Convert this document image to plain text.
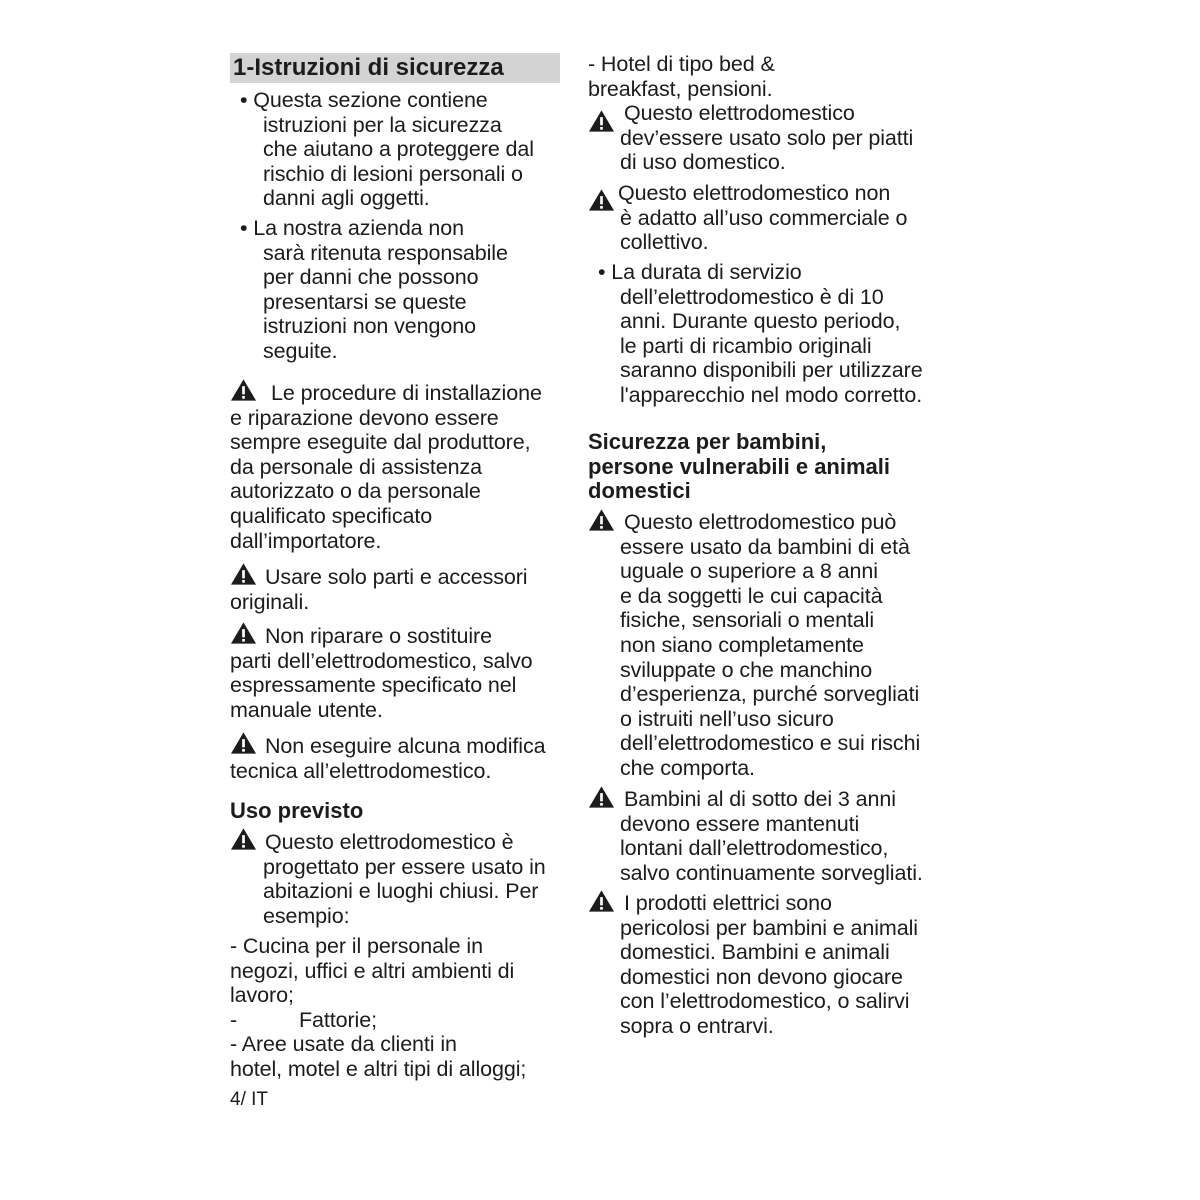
1-Istruzioni di sicurezza
• Questa sezione contiene
istruzioni per la sicurezza
che aiutano a proteggere dal
rischio di lesioni personali o
danni agli oggetti.
• La nostra azienda non
sarà ritenuta responsabile
per danni che possono
presentarsi se queste
istruzioni non vengono
seguite.
Le procedure di installazione
e riparazione devono essere
sempre eseguite dal produttore,
da personale di assistenza
autorizzato o da personale
qualificato specificato
dall’importatore.
Usare solo parti e accessori
originali.
Non riparare o sostituire
parti dell’elettrodomestico, salvo
espressamente specificato nel
manuale utente.
Non eseguire alcuna modifica
tecnica all’elettrodomestico.
Uso previsto
Questo elettrodomestico è
progettato per essere usato in
abitazioni e luoghi chiusi. Per
esempio:
- Cucina per il personale in
negozi, uffici e altri ambienti di
lavoro;
-	Fattorie;
- Aree usate da clienti in
hotel, motel e altri tipi di alloggi;
4/ IT
- Hotel di tipo bed &
breakfast, pensioni.
Questo elettrodomestico
dev’essere usato solo per piatti
di uso domestico.
Questo elettrodomestico non
è adatto all’uso commerciale o
collettivo.
• La durata di servizio
dell’elettrodomestico è di 10
anni. Durante questo periodo,
le parti di ricambio originali
saranno disponibili per utilizzare
l'apparecchio nel modo corretto.
Sicurezza per bambini,
persone vulnerabili e animali
domestici
Questo elettrodomestico può
essere usato da bambini di età
uguale o superiore a 8 anni
e da soggetti le cui capacità
fisiche, sensoriali o mentali
non siano completamente
sviluppate o che manchino
d’esperienza, purché sorvegliati
o istruiti nell’uso sicuro
dell’elettrodomestico e sui rischi
che comporta.
Bambini al di sotto dei 3 anni
devono essere mantenuti
lontani dall’elettrodomestico,
salvo continuamente sorvegliati.
I prodotti elettrici sono
pericolosi per bambini e animali
domestici. Bambini e animali
domestici non devono giocare
con l’elettrodomestico, o salirvi
sopra o entrarvi.
